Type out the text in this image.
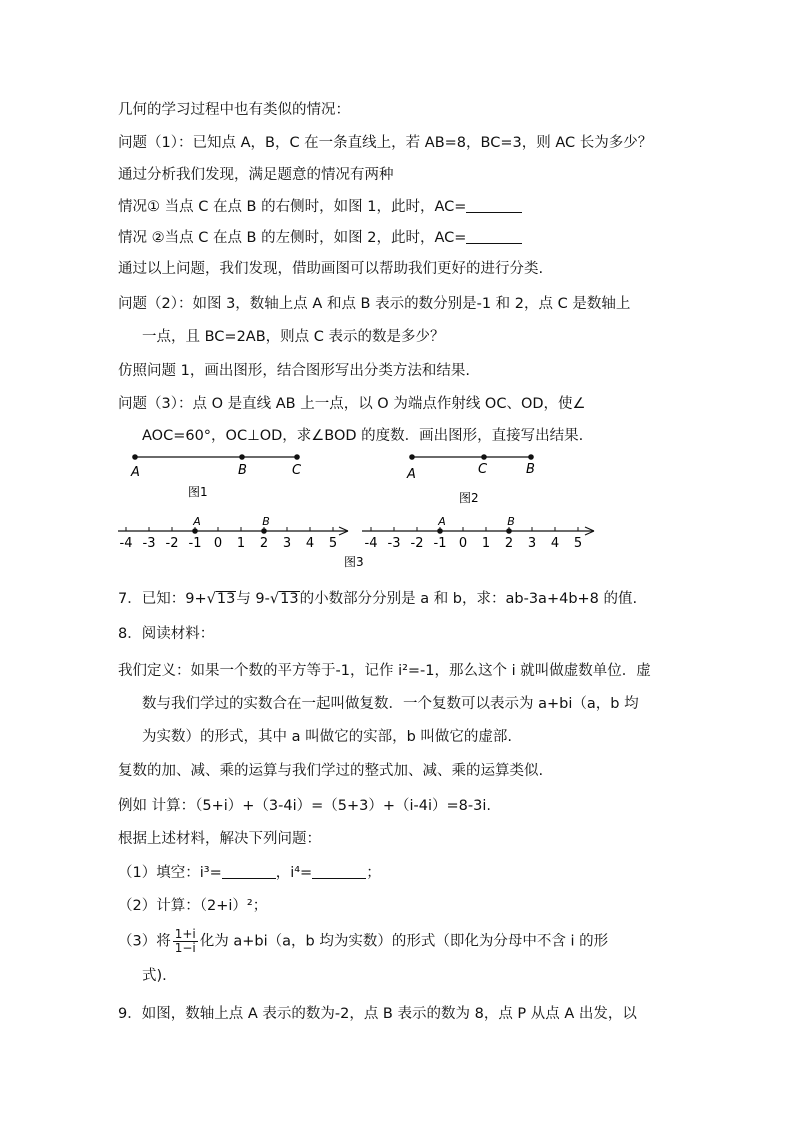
几何的学习过程中也有类似的情况：
问题（1）：已知点 A，B，C 在一条直线上，若 AB=8，BC=3，则 AC 长为多少？
通过分析我们发现，满足题意的情况有两种
情况① 当点 C 在点 B 的右侧时，如图 1，此时，AC=
情况 ②当点 C 在点 B 的左侧时，如图 2，此时，AC=
通过以上问题，我们发现，借助画图可以帮助我们更好的进行分类.
问题（2）：如图 3，数轴上点 A 和点 B 表示的数分别是-1 和 2，点 C 是数轴上
一点，且 BC=2AB，则点 C 表示的数是多少？
仿照问题 1，画出图形，结合图形写出分类方法和结果.
问题（3）：点 O 是直线 AB 上一点，以 O 为端点作射线 OC、OD，使∠
AOC=60°，OC⊥OD，求∠BOD 的度数．画出图形，直接写出结果.
A	B	C
图1
A	C	B
图2
-4 -3 -2 -1 0 1 2 3 4 5
A	B
-4 -3 -2 -1 0 1 2 3 4 5
A	B
图3
7．已知：9+√13与 9-√13的小数部分分别是 a 和 b，求：ab-3a+4b+8 的值.
8．阅读材料：
我们定义：如果一个数的平方等于-1，记作 i²=-1，那么这个 i 就叫做虚数单位．虚
数与我们学过的实数合在一起叫做复数．一个复数可以表示为 a+bi（a，b 均
为实数）的形式，其中 a 叫做它的实部，b 叫做它的虚部.
复数的加、减、乘的运算与我们学过的整式加、减、乘的运算类似.
例如 计算：（5+i）+（3-4i）=（5+3）+（i-4i）=8-3i.
根据上述材料，解决下列问题：
（1）填空：i³=	，i⁴=	；
（2）计算：（2+i）²；
（3）将 $\frac{1+i}{1-i}$ 化为 a+bi（a，b 均为实数）的形式（即化为分母中不含 i 的形
式).
9．如图，数轴上点 A 表示的数为-2，点 B 表示的数为 8，点 P 从点 A 出发，以
